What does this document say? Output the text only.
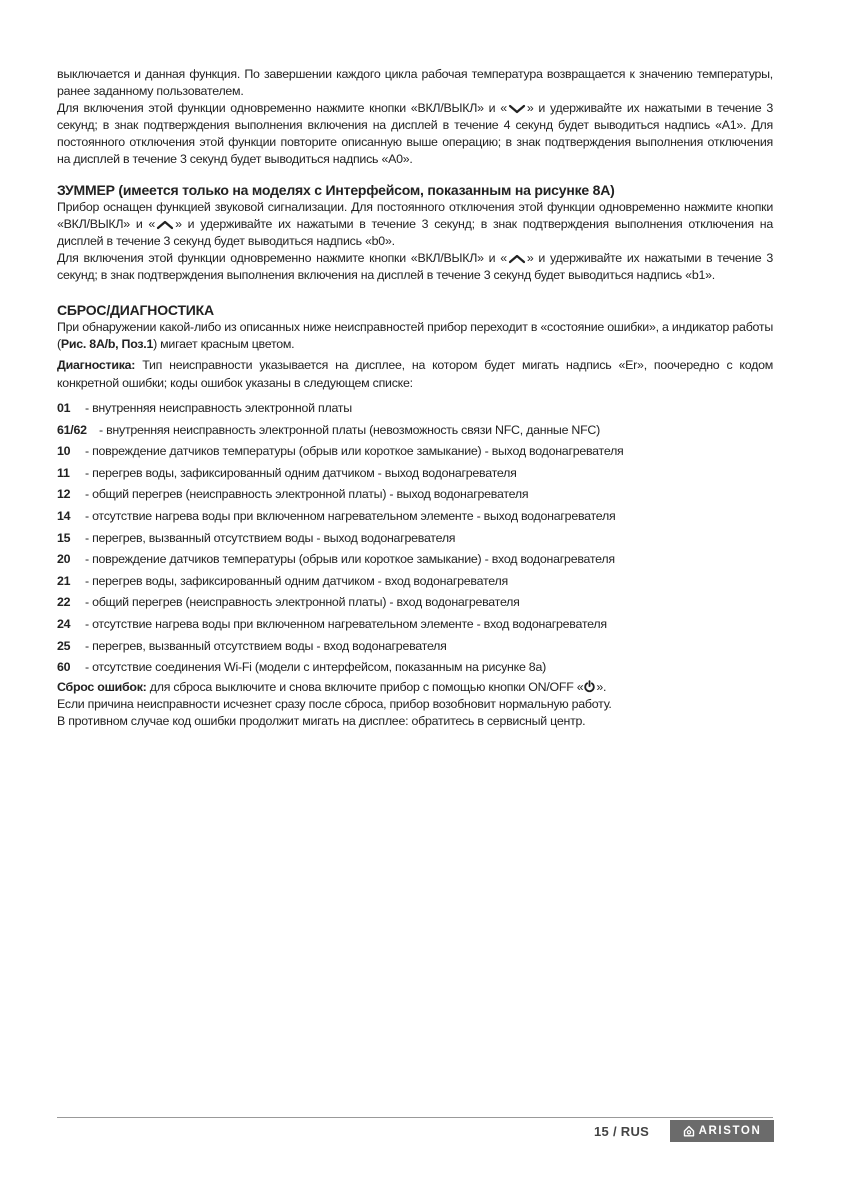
выключается и данная функция. По завершении каждого цикла рабочая температура возвращается к значению температуры, ранее заданному пользователем.

Для включения этой функции одновременно нажмите кнопки «ВКЛ/ВЫКЛ» и « » и удерживайте их нажатыми в течение 3 секунд; в знак подтверждения выполнения включения на дисплей в течение 4 секунд будет выводиться надпись «A1». Для постоянного отключения этой функции повторите описанную выше операцию; в знак подтверждения выполнения отключения на дисплей в течение 3 секунд будет выводиться надпись «A0».

ЗУММЕР (имеется только на моделях с Интерфейсом, показанным на рисунке 8А)

Прибор оснащен функцией звуковой сигнализации. Для постоянного отключения этой функции одновременно нажмите кнопки «ВКЛ/ВЫКЛ» и « » и удерживайте их нажатыми в течение 3 секунд; в знак подтверждения выполнения отключения на дисплей в течение 3 секунд будет выводиться надпись «b0».

Для включения этой функции одновременно нажмите кнопки «ВКЛ/ВЫКЛ» и « » и удерживайте их нажатыми в течение 3 секунд; в знак подтверждения выполнения включения на дисплей в течение 3 секунд будет выводиться надпись «b1».

СБРОС/ДИАГНОСТИКА

При обнаружении какой-либо из описанных ниже неисправностей прибор переходит в «состояние ошибки», а индикатор работы (Рис. 8А/b, Поз.1) мигает красным цветом.

Диагностика: Тип неисправности указывается на дисплее, на котором будет мигать надпись «Er», поочередно с кодом конкретной ошибки; коды ошибок указаны в следующем списке:

01	- внутренняя неисправность электронной платы
61/62 - внутренняя неисправность электронной платы (невозможность связи NFC, данные NFC)
10	- повреждение датчиков температуры (обрыв или короткое замыкание) - выход водонагревателя
11	- перегрев воды, зафиксированный одним датчиком - выход водонагревателя
12	- общий перегрев (неисправность электронной платы) - выход водонагревателя
14	- отсутствие нагрева воды при включенном нагревательном элементе - выход водонагревателя
15	- перегрев, вызванный отсутствием воды - выход водонагревателя
20	- повреждение датчиков температуры (обрыв или короткое замыкание) - вход водонагревателя
21	- перегрев воды, зафиксированный одним датчиком - вход водонагревателя
22	- общий перегрев (неисправность электронной платы) - вход водонагревателя
24	- отсутствие нагрева воды при включенном нагревательном элементе - вход водонагревателя
25	- перегрев, вызванный отсутствием воды - вход водонагревателя
60	- отсутствие соединения Wi-Fi (модели с интерфейсом, показанным на рисунке 8a)

Сброс ошибок: для сброса выключите и снова включите прибор с помощью кнопки ON/OFF « ».

Если причина неисправности исчезнет сразу после сброса, прибор возобновит нормальную работу.

В противном случае код ошибки продолжит мигать на дисплее: обратитесь в сервисный центр.

15 / RUS	ARISTON
